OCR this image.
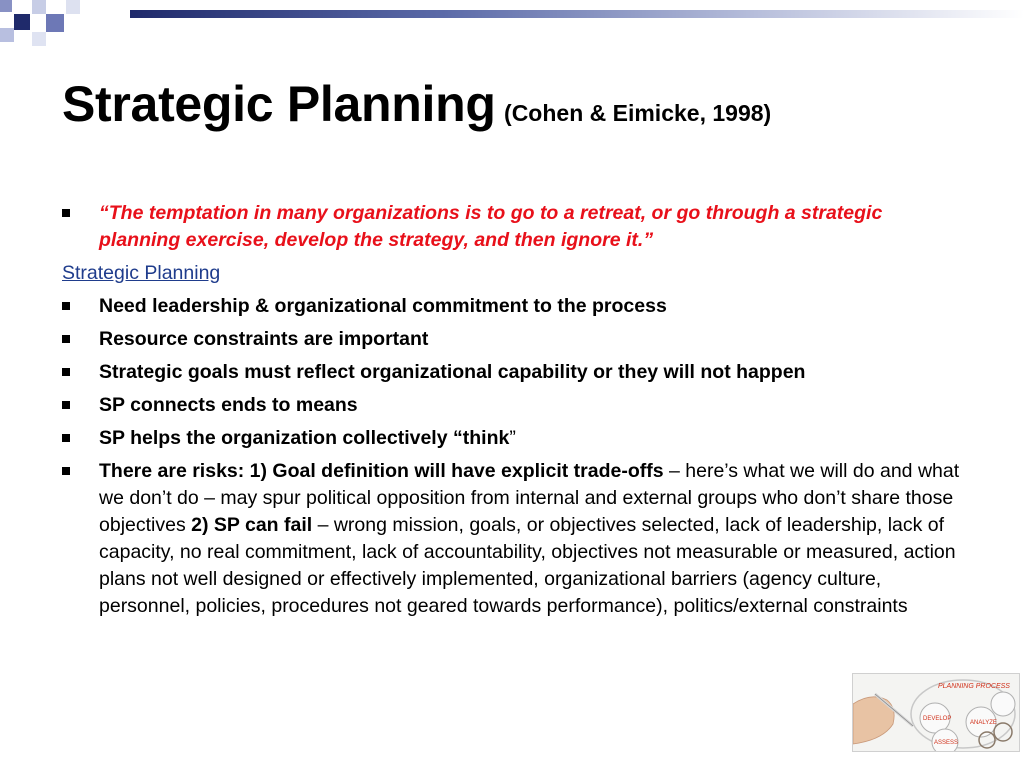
Strategic Planning (Cohen & Eimicke, 1998)
“The temptation in many organizations is to go to a retreat, or go through a strategic planning exercise, develop the strategy, and then ignore it.”
Strategic Planning
Need leadership & organizational commitment to the process
Resource constraints are important
Strategic goals must reflect organizational capability or they will not happen
SP connects ends to means
SP helps the organization collectively “think”
There are risks: 1) Goal definition will have explicit trade-offs – here’s what we will do and what we don’t do – may spur political opposition from internal and external groups who don’t share those objectives 2) SP can fail – wrong mission, goals, or objectives selected, lack of leadership, lack of capacity, no real commitment, lack of accountability, objectives not measurable or measured, action plans not well designed or effectively implemented, organizational barriers (agency culture, personnel, policies, procedures not geared towards performance), politics/external constraints
PLANNING PROCESS
DEVELOP
ANALYZE
ASSESS
